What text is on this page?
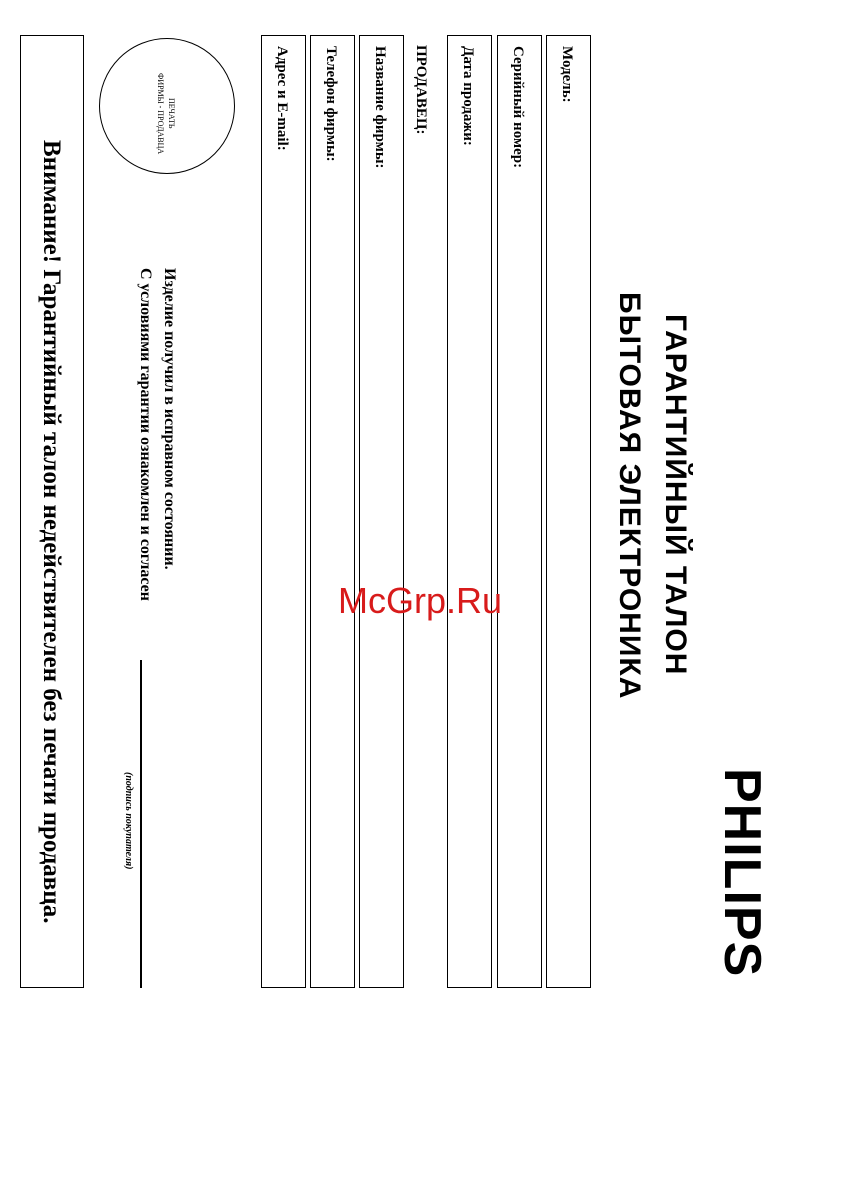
PHILIPS
ГАРАНТИЙНЫЙ ТАЛОН
БЫТОВАЯ ЭЛЕКТРОНИКА
Модель:
Серийный номер:
Дата продажи:
ПРОДАВЕЦ:
Название фирмы:
Телефон фирмы:
Адрес и E-mail:
ПЕЧАТЬ
ФИРМЫ - ПРОДАВЦА
Изделие получил в исправном состоянии.
С условиями гарантии ознакомлен и согласен
(подпись покупателя)
Внимание! Гарантийный талон недействителен без печати продавца.	McGrp.Ru
